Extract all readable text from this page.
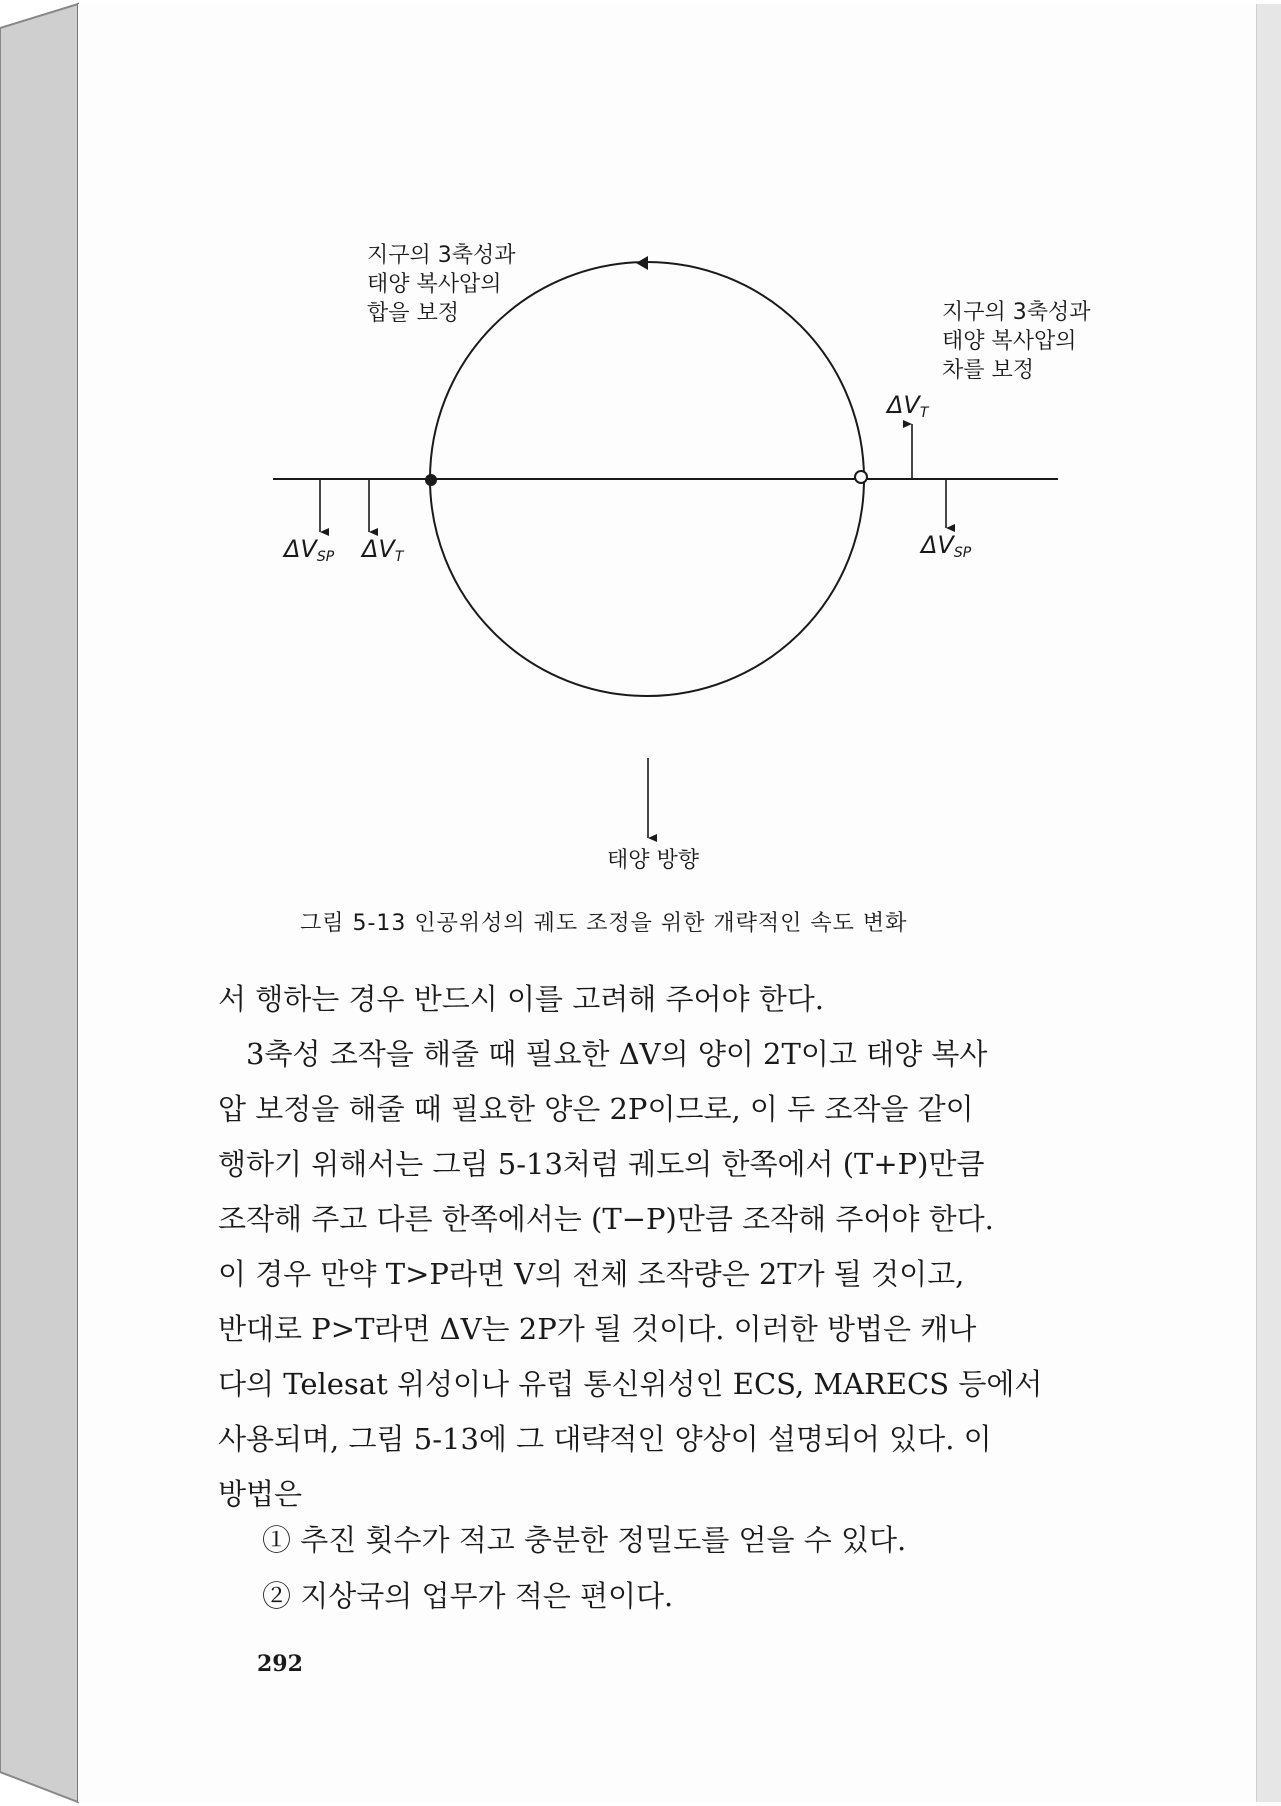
지구의 3축성과
태양 복사압의
합을 보정	지구의 3축성과
태양 복사압의
차를 보정
ΔVSP ΔVT
ΔVT
ΔVSP
태양 방향
그림 5-13 인공위성의 궤도 조정을 위한 개략적인 속도 변화

서 행하는 경우 반드시 이를 고려해 주어야 한다.

3축성 조작을 해줄 때 필요한 ΔV의 양이 2T이고 태양 복사

압 보정을 해줄 때 필요한 양은 2P이므로, 이 두 조작을 같이

행하기 위해서는 그림 5-13처럼 궤도의 한쪽에서 (T+P)만큼

조작해 주고 다른 한쪽에서는 (T−P)만큼 조작해 주어야 한다.

이 경우 만약 T>P라면 V의 전체 조작량은 2T가 될 것이고,

반대로 P>T라면 ΔV는 2P가 될 것이다. 이러한 방법은 캐나

다의 Telesat 위성이나 유럽 통신위성인 ECS, MARECS 등에서

사용되며, 그림 5-13에 그 대략적인 양상이 설명되어 있다. 이

방법은

① 추진 횟수가 적고 충분한 정밀도를 얻을 수 있다.
② 지상국의 업무가 적은 편이다.
292
